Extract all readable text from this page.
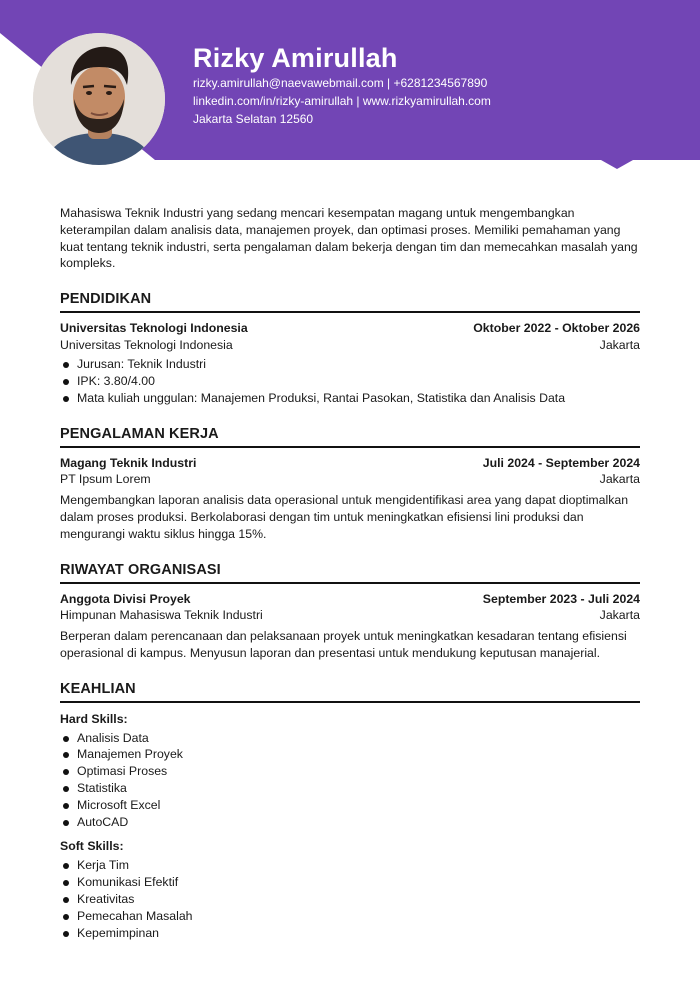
Rizky Amirullah
rizky.amirullah@naevawebmail.com | +6281234567890
linkedin.com/in/rizky-amirullah | www.rizkyamirullah.com
Jakarta Selatan 12560

Mahasiswa Teknik Industri yang sedang mencari kesempatan magang untuk mengembangkan keterampilan dalam analisis data, manajemen proyek, dan optimasi proses. Memiliki pemahaman yang kuat tentang teknik industri, serta pengalaman dalam bekerja dengan tim dan memecahkan masalah yang kompleks.

PENDIDIKAN
Universitas Teknologi Indonesia	Oktober 2022 - Oktober 2026
Universitas Teknologi Indonesia	Jakarta
Jurusan: Teknik Industri
IPK: 3.80/4.00
Mata kuliah unggulan: Manajemen Produksi, Rantai Pasokan, Statistika dan Analisis Data
PENGALAMAN KERJA
Magang Teknik Industri	Juli 2024 - September 2024
PT Ipsum Lorem	Jakarta

Mengembangkan laporan analisis data operasional untuk mengidentifikasi area yang dapat dioptimalkan dalam proses produksi. Berkolaborasi dengan tim untuk meningkatkan efisiensi lini produksi dan mengurangi waktu siklus hingga 15%.

RIWAYAT ORGANISASI
Anggota Divisi Proyek	September 2023 - Juli 2024
Himpunan Mahasiswa Teknik Industri	Jakarta

Berperan dalam perencanaan dan pelaksanaan proyek untuk meningkatkan kesadaran tentang efisiensi operasional di kampus. Menyusun laporan dan presentasi untuk mendukung keputusan manajerial.

KEAHLIAN
Hard Skills:
Analisis Data
Manajemen Proyek
Optimasi Proses
Statistika
Microsoft Excel
AutoCAD
Soft Skills:
Kerja Tim
Komunikasi Efektif
Kreativitas
Pemecahan Masalah
Kepemimpinan
